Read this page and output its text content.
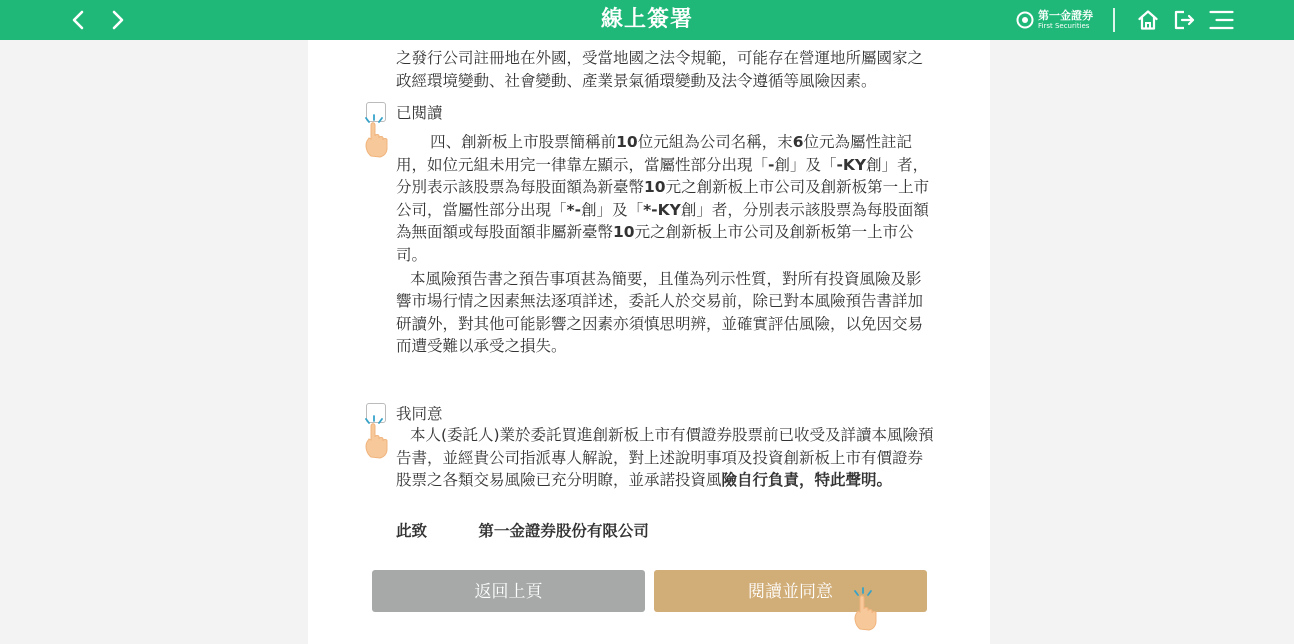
線上簽署	第一金證券
First Securities

之發行公司註冊地在外國，受當地國之法令規範，可能存在營運地所屬國家之政經環境變動、社會變動、產業景氣循環變動及法令遵循等風險因素。

已閱讀

四、創新板上市股票簡稱前10位元組為公司名稱，末6位元為屬性註記用，如位元組未用完一律靠左顯示，當屬性部分出現「-創」及「-KY創」者，分別表示該股票為每股面額為新臺幣10元之創新板上市公司及創新板第一上市公司，當屬性部分出現「*-創」及「*-KY創」者，分別表示該股票為每股面額為無面額或每股面額非屬新臺幣10元之創新板上市公司及創新板第一上市公司。

本風險預告書之預告事項甚為簡要，且僅為列示性質，對所有投資風險及影響市場行情之因素無法逐項詳述，委託人於交易前，除已對本風險預告書詳加研讀外，對其他可能影響之因素亦須慎思明辨，並確實評估風險，以免因交易而遭受難以承受之損失。

我同意

本人(委託人)業於委託買進創新板上市有價證券股票前已收受及詳讀本風險預告書，並經貴公司指派專人解說，對上述說明事項及投資創新板上市有價證券股票之各類交易風險已充分明瞭，並承諾投資風險自行負責，特此聲明。

此致	第一金證券股份有限公司
返回上頁	閱讀並同意
